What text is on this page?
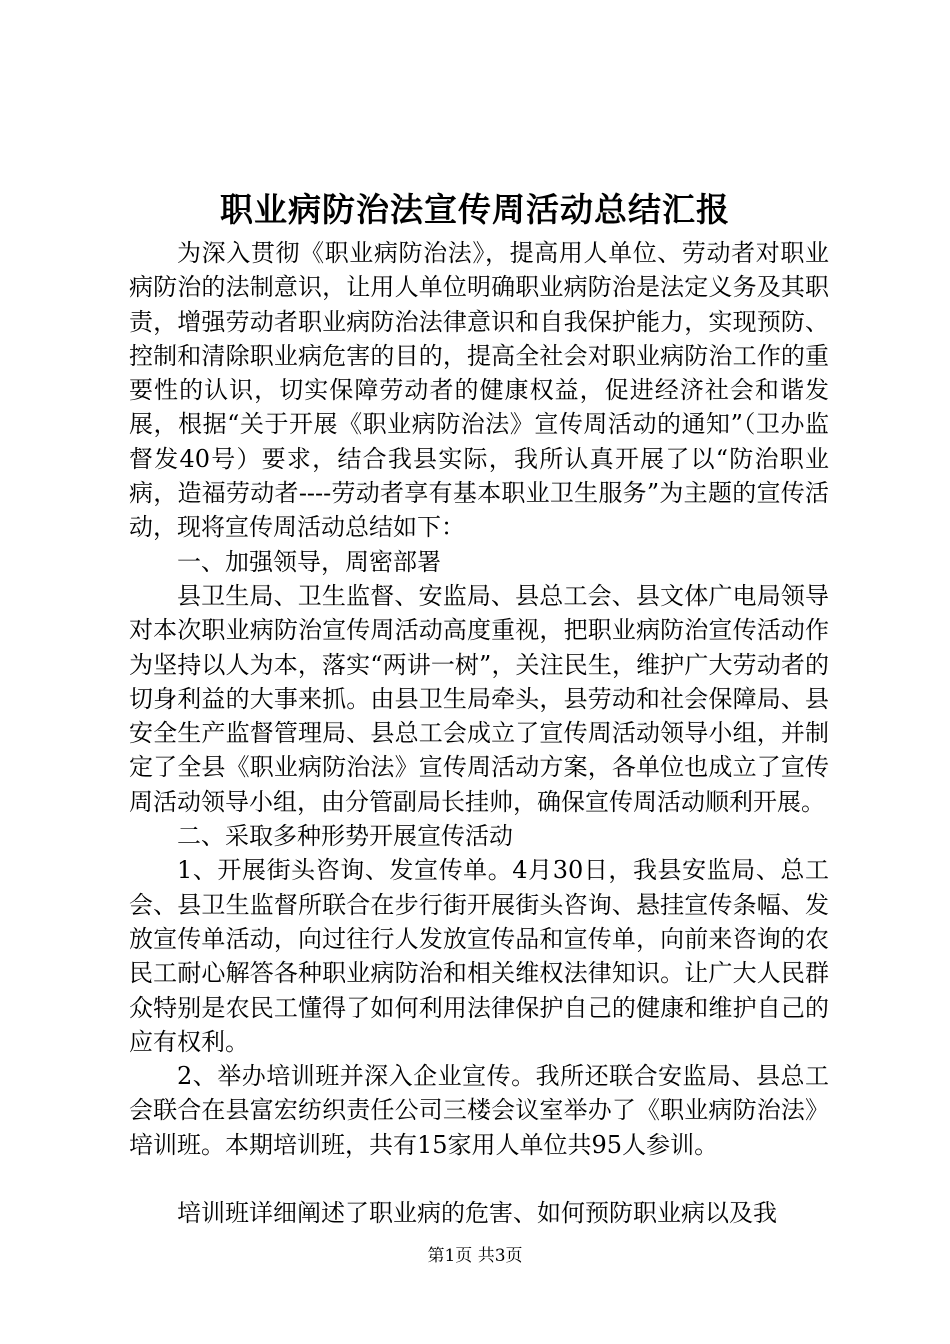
职业病防治法宣传周活动总结汇报

为深入贯彻《职业病防治法》，提高用人单位、劳动者对职业病防治的法制意识，让用人单位明确职业病防治是法定义务及其职责，增强劳动者职业病防治法律意识和自我保护能力，实现预防、控制和清除职业病危害的目的，提高全社会对职业病防治工作的重要性的认识，切实保障劳动者的健康权益，促进经济社会和谐发展，根据“关于开展《职业病防治法》宣传周活动的通知”（卫办监督发40号）要求，结合我县实际，我所认真开展了以“防治职业病，造福劳动者----劳动者享有基本职业卫生服务”为主题的宣传活动，现将宣传周活动总结如下：

一、加强领导，周密部署

县卫生局、卫生监督、安监局、县总工会、县文体广电局领导对本次职业病防治宣传周活动高度重视，把职业病防治宣传活动作为坚持以人为本，落实“两讲一树”，关注民生，维护广大劳动者的切身利益的大事来抓。由县卫生局牵头，县劳动和社会保障局、县安全生产监督管理局、县总工会成立了宣传周活动领导小组，并制定了全县《职业病防治法》宣传周活动方案，各单位也成立了宣传周活动领导小组，由分管副局长挂帅，确保宣传周活动顺利开展。

二、采取多种形势开展宣传活动

1、开展街头咨询、发宣传单。4月30日，我县安监局、总工会、县卫生监督所联合在步行街开展街头咨询、悬挂宣传条幅、发放宣传单活动，向过往行人发放宣传品和宣传单，向前来咨询的农民工耐心解答各种职业病防治和相关维权法律知识。让广大人民群众特别是农民工懂得了如何利用法律保护自己的健康和维护自己的应有权利。

2、举办培训班并深入企业宣传。我所还联合安监局、县总工会联合在县富宏纺织责任公司三楼会议室举办了《职业病防治法》培训班。本期培训班，共有15家用人单位共95人参训。

培训班详细阐述了职业病的危害、如何预防职业病以及我

第1页 共3页
